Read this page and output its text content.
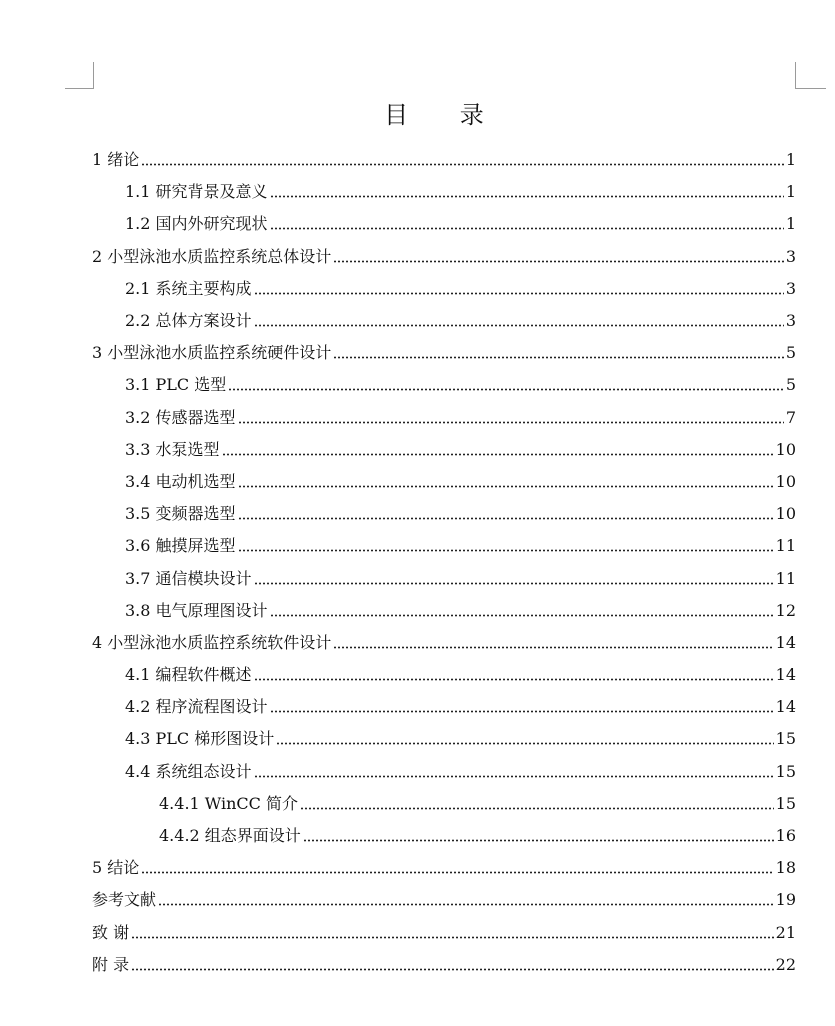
目 录
1 绪论	1
1.1 研究背景及意义	1
1.2 国内外研究现状	1
2 小型泳池水质监控系统总体设计	3
2.1 系统主要构成	3
2.2 总体方案设计	3
3 小型泳池水质监控系统硬件设计	5
3.1 PLC 选型	5
3.2 传感器选型	7
3.3 水泵选型	10
3.4 电动机选型	10
3.5 变频器选型	10
3.6 触摸屏选型	11
3.7 通信模块设计	11
3.8 电气原理图设计	12
4 小型泳池水质监控系统软件设计	14
4.1 编程软件概述	14
4.2 程序流程图设计	14
4.3 PLC 梯形图设计	15
4.4 系统组态设计	15
4.4.1 WinCC 简介	15
4.4.2 组态界面设计	16
5 结论	18
参考文献	19
致 谢	21
附 录	22
